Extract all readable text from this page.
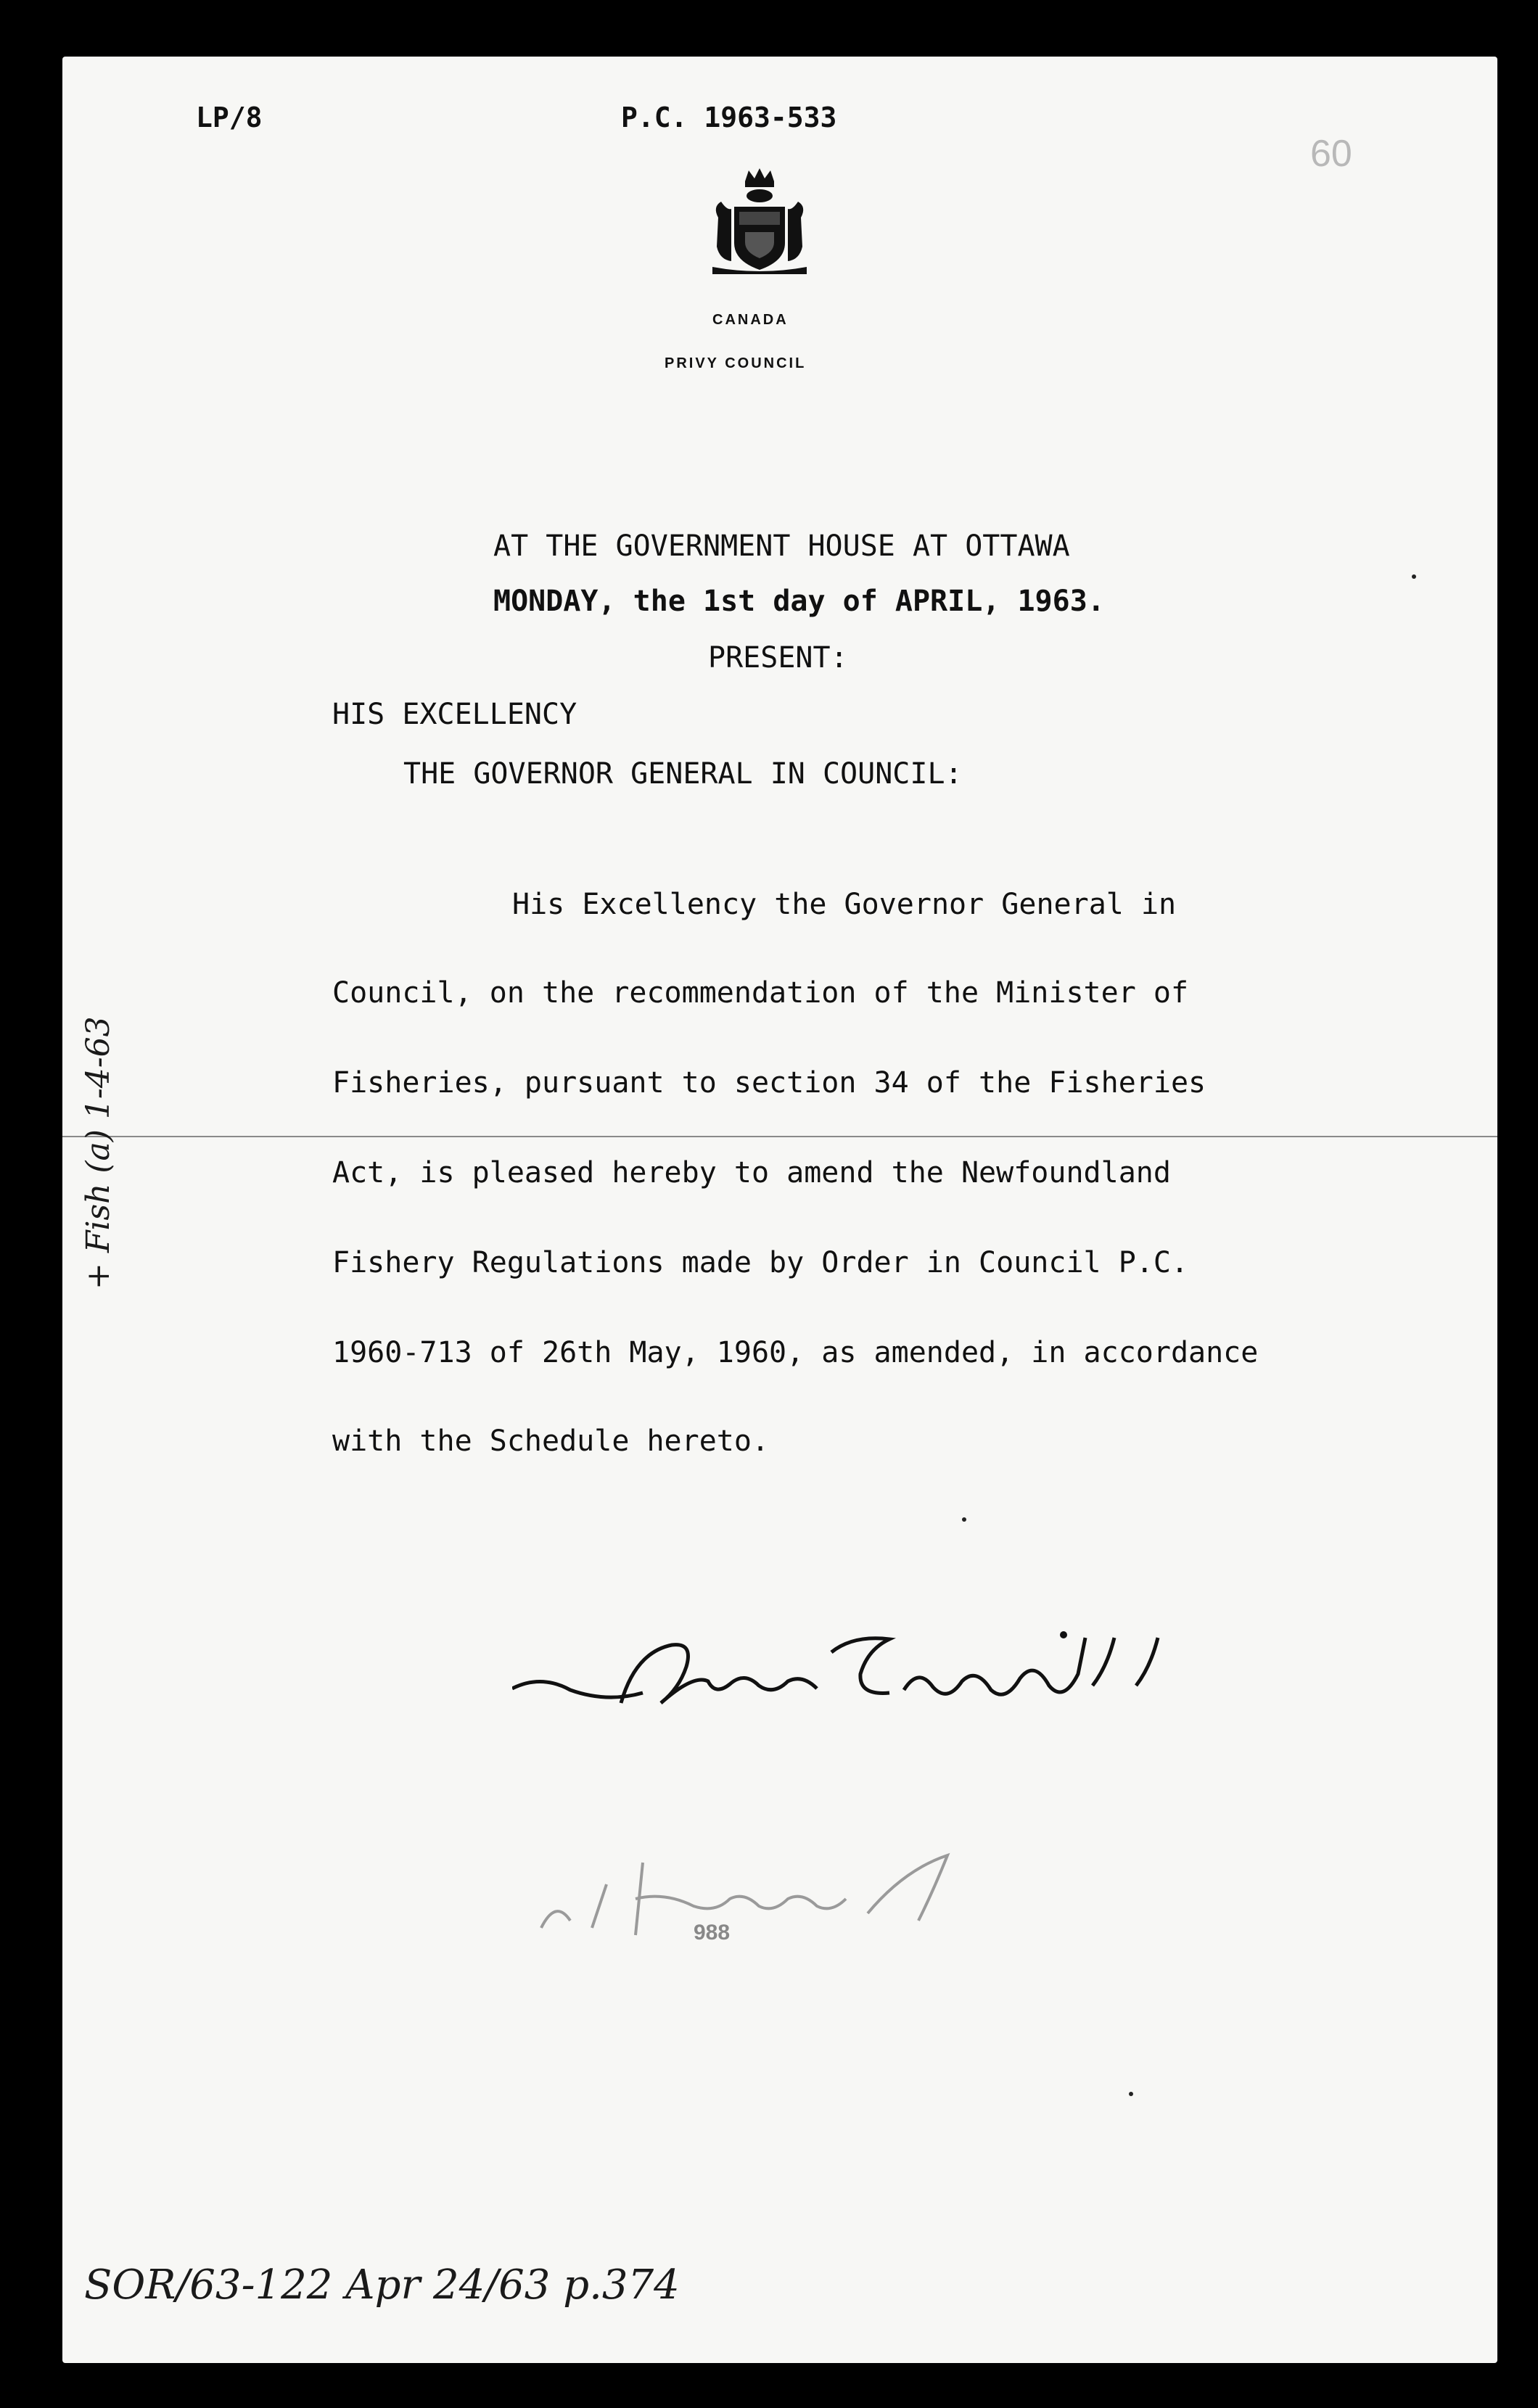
LP/8	P.C. 1963-533
60
CANADA
PRIVY COUNCIL
AT THE GOVERNMENT HOUSE AT OTTAWA
MONDAY, the 1st day of APRIL, 1963.
PRESENT:
HIS EXCELLENCY
THE GOVERNOR GENERAL IN COUNCIL:
His Excellency the Governor General in
Council, on the recommendation of the Minister of
Fisheries, pursuant to section 34 of the Fisheries
Act, is pleased hereby to amend the Newfoundland
Fishery Regulations made by Order in Council P.C.
1960-713 of 26th May, 1960, as amended, in accordance
with the Schedule hereto.
988
+ Fish (a) 1-4-63
SOR/63-122 Apr 24/63 p.374
